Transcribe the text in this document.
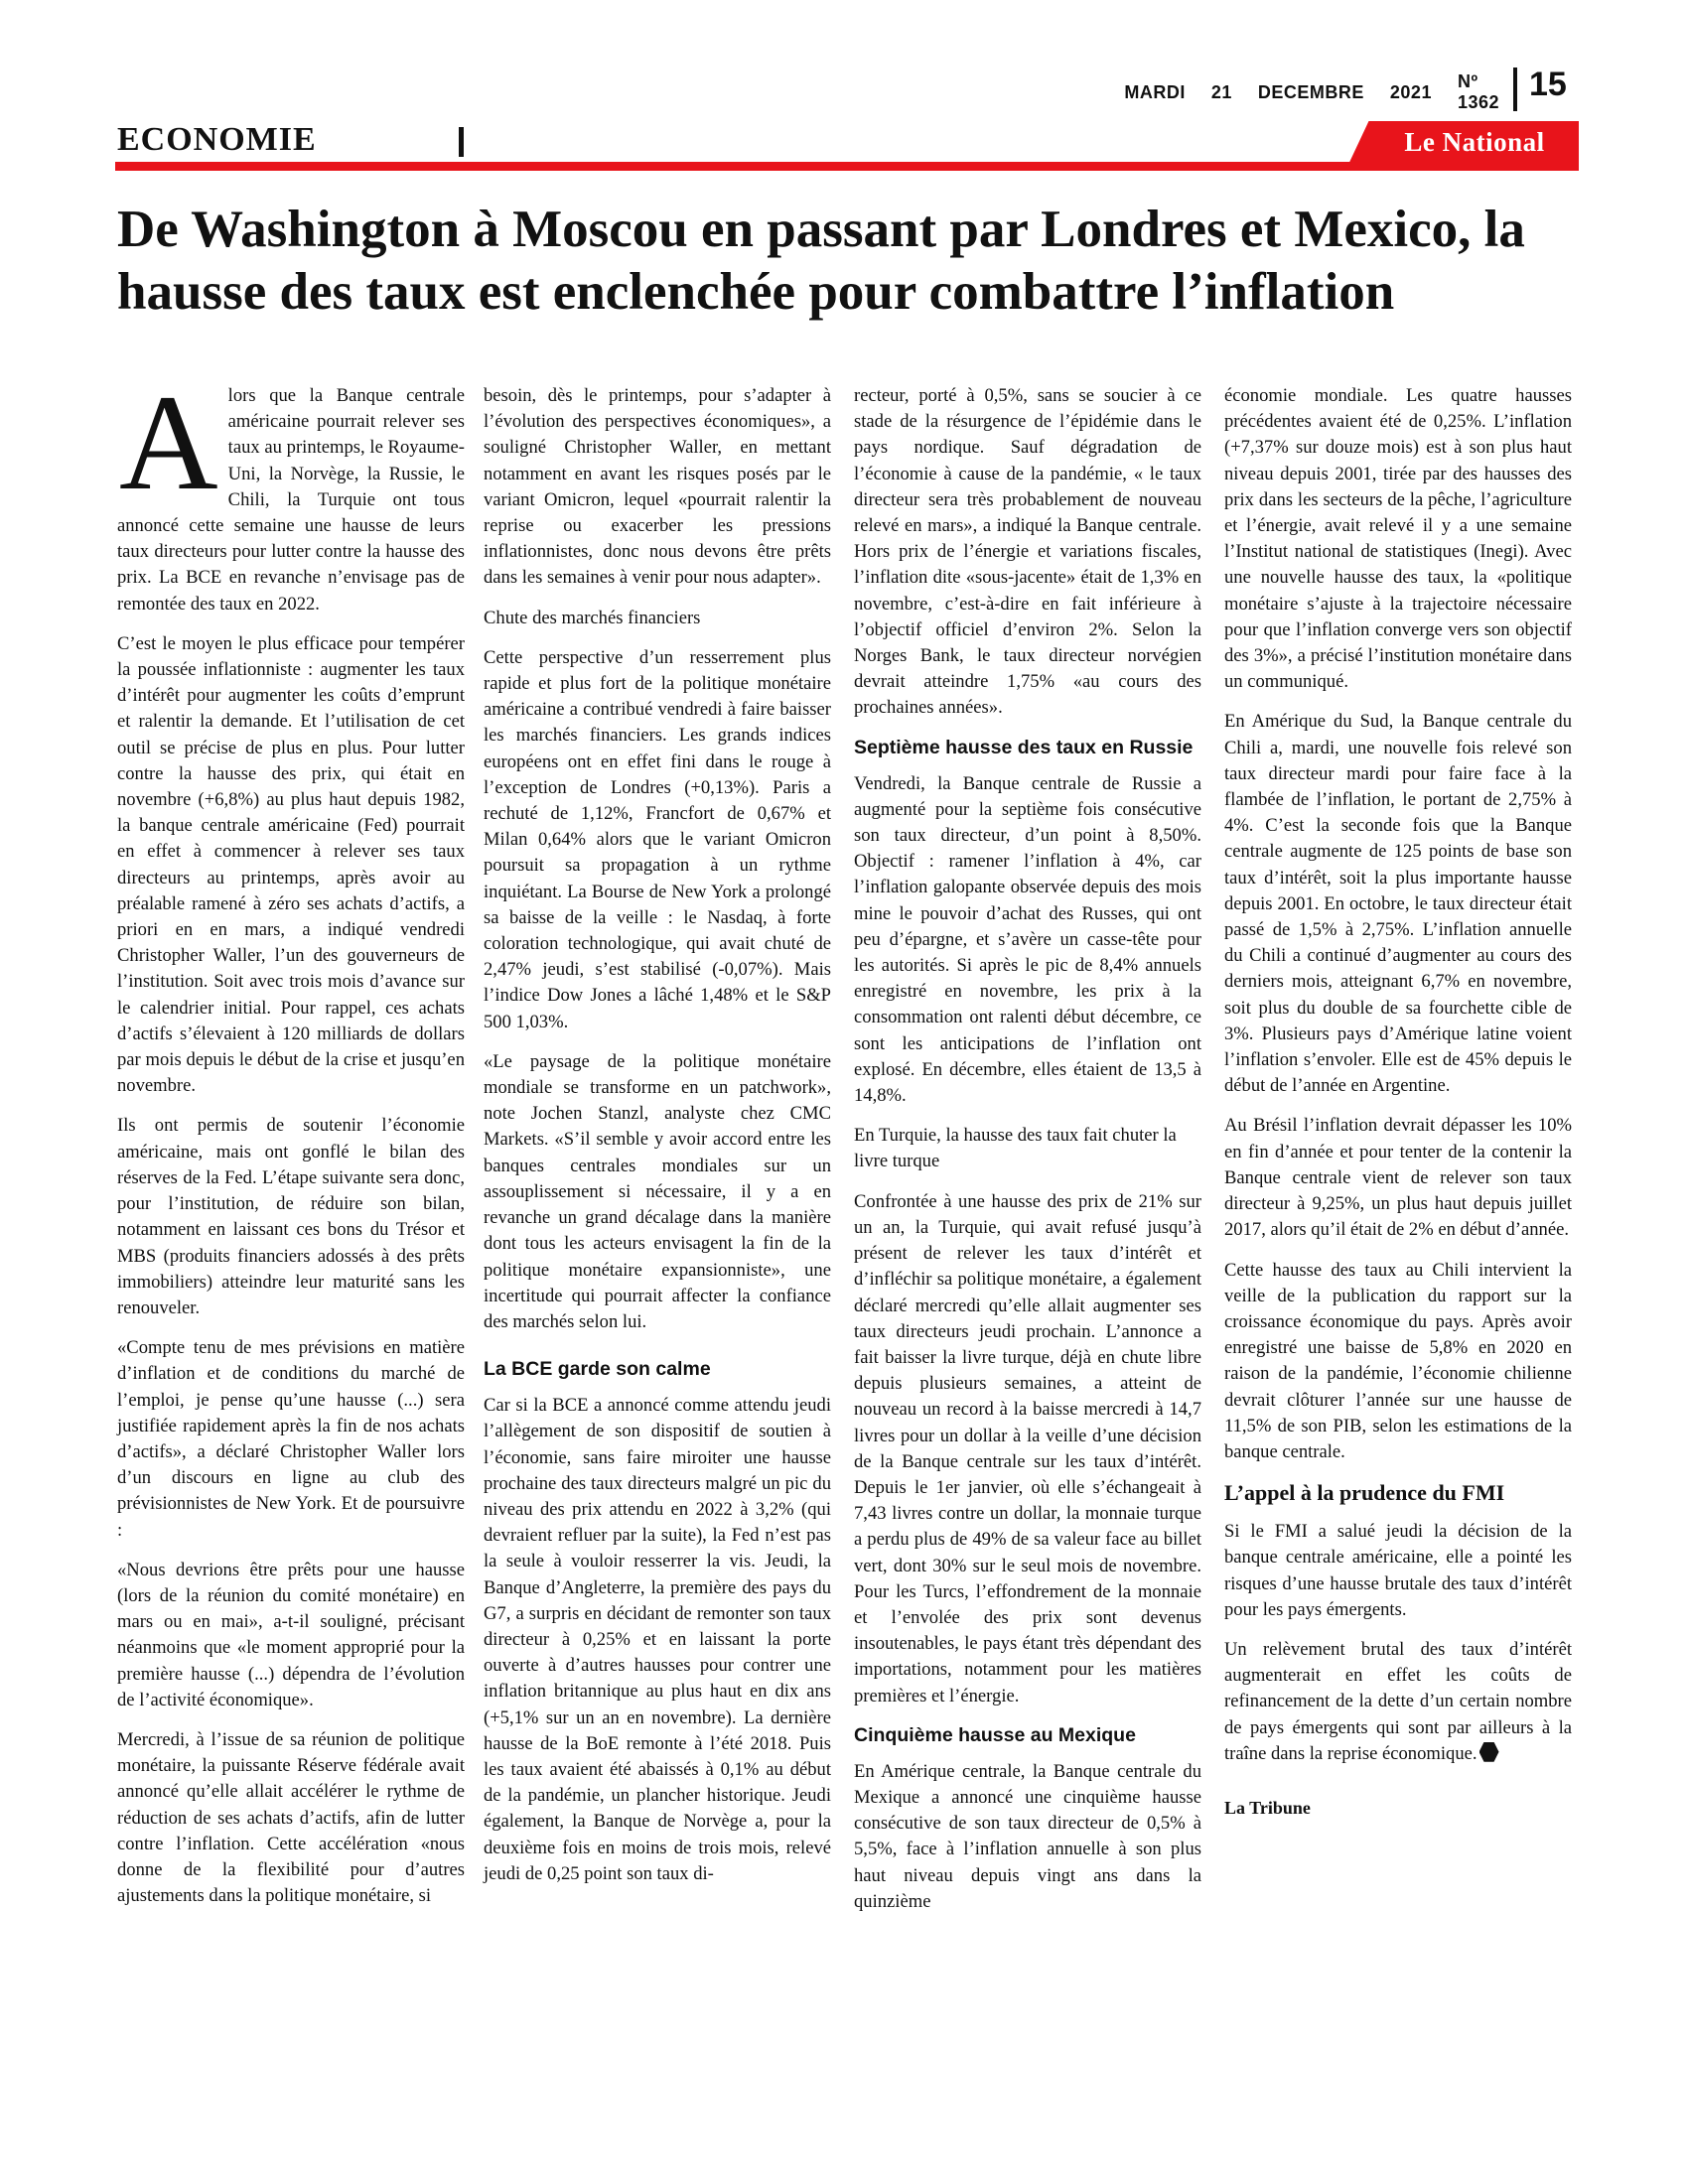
MARDI 21 DECEMBRE 2021
Nº 1362 15
ECONOMIE	Le National
De Washington à Moscou en passant par Londres et Mexico, la hausse des taux est enclenchée pour combattre l’inflation

Alors que la Banque centrale américaine pourrait relever ses taux au printemps, le Royaume-Uni, la Norvège, la Russie, le Chili, la Turquie ont tous annoncé cette semaine une hausse de leurs taux directeurs pour lutter contre la hausse des prix. La BCE en revanche n’envisage pas de remontée des taux en 2022.

C’est le moyen le plus efficace pour tempérer la poussée inflationniste : augmenter les taux d’intérêt pour augmenter les coûts d’emprunt et ralentir la demande. Et l’utilisation de cet outil se précise de plus en plus. Pour lutter contre la hausse des prix, qui était en novembre (+6,8%) au plus haut depuis 1982, la banque centrale américaine (Fed) pourrait en effet à commencer à relever ses taux directeurs au printemps, après avoir au préalable ramené à zéro ses achats d’actifs, a priori en en mars, a indiqué vendredi Christopher Waller, l’un des gouverneurs de l’institution. Soit avec trois mois d’avance sur le calendrier initial. Pour rappel, ces achats d’actifs s’élevaient à 120 milliards de dollars par mois depuis le début de la crise et jusqu’en novembre.

Ils ont permis de soutenir l’économie américaine, mais ont gonflé le bilan des réserves de la Fed. L’étape suivante sera donc, pour l’institution, de réduire son bilan, notamment en laissant ces bons du Trésor et MBS (produits financiers adossés à des prêts immobiliers) atteindre leur maturité sans les renouveler.

«Compte tenu de mes prévisions en matière d’inflation et de conditions du marché de l’emploi, je pense qu’une hausse (...) sera justifiée rapidement après la fin de nos achats d’actifs», a déclaré Christopher Waller lors d’un discours en ligne au club des prévisionnistes de New York. Et de poursuivre :

«Nous devrions être prêts pour une hausse (lors de la réunion du comité monétaire) en mars ou en mai», a-t-il souligné, précisant néanmoins que «le moment approprié pour la première hausse (...) dépendra de l’évolution de l’activité économique».

Mercredi, à l’issue de sa réunion de politique monétaire, la puissante Réserve fédérale avait annoncé qu’elle allait accélérer le rythme de réduction de ses achats d’actifs, afin de lutter contre l’inflation. Cette accélération «nous donne de la flexibilité pour d’autres ajustements dans la politique monétaire, si

besoin, dès le printemps, pour s’adapter à l’évolution des perspectives économiques», a souligné Christopher Waller, en mettant notamment en avant les risques posés par le variant Omicron, lequel «pourrait ralentir la reprise ou exacerber les pressions inflationnistes, donc nous devons être prêts dans les semaines à venir pour nous adapter».

Chute des marchés financiers

Cette perspective d’un resserrement plus rapide et plus fort de la politique monétaire américaine a contribué vendredi à faire baisser les marchés financiers. Les grands indices européens ont en effet fini dans le rouge à l’exception de Londres (+0,13%). Paris a rechuté de 1,12%, Francfort de 0,67% et Milan 0,64% alors que le variant Omicron poursuit sa propagation à un rythme inquiétant. La Bourse de New York a prolongé sa baisse de la veille : le Nasdaq, à forte coloration technologique, qui avait chuté de 2,47% jeudi, s’est stabilisé (-0,07%). Mais l’indice Dow Jones a lâché 1,48% et le S&P 500 1,03%.

«Le paysage de la politique monétaire mondiale se transforme en un patchwork», note Jochen Stanzl, analyste chez CMC Markets. «S’il semble y avoir accord entre les banques centrales mondiales sur un assouplissement si nécessaire, il y a en revanche un grand décalage dans la manière dont tous les acteurs envisagent la fin de la politique monétaire expansionniste», une incertitude qui pourrait affecter la confiance des marchés selon lui.

La BCE garde son calme

Car si la BCE a annoncé comme attendu jeudi l’allègement de son dispositif de soutien à l’économie, sans faire miroiter une hausse prochaine des taux directeurs malgré un pic du niveau des prix attendu en 2022 à 3,2% (qui devraient refluer par la suite), la Fed n’est pas la seule à vouloir resserrer la vis. Jeudi, la Banque d’Angleterre, la première des pays du G7, a surpris en décidant de remonter son taux directeur à 0,25% et en laissant la porte ouverte à d’autres hausses pour contrer une inflation britannique au plus haut en dix ans (+5,1% sur un an en novembre). La dernière hausse de la BoE remonte à l’été 2018. Puis les taux avaient été abaissés à 0,1% au début de la pandémie, un plancher historique. Jeudi également, la Banque de Norvège a, pour la deuxième fois en moins de trois mois, relevé jeudi de 0,25 point son taux di-

recteur, porté à 0,5%, sans se soucier à ce stade de la résurgence de l’épidémie dans le pays nordique. Sauf dégradation de l’économie à cause de la pandémie, « le taux directeur sera très probablement de nouveau relevé en mars», a indiqué la Banque centrale. Hors prix de l’énergie et variations fiscales, l’inflation dite «sous-jacente» était de 1,3% en novembre, c’est-à-dire en fait inférieure à l’objectif officiel d’environ 2%. Selon la Norges Bank, le taux directeur norvégien devrait atteindre 1,75% «au cours des prochaines années».

Septième hausse des taux en Russie

Vendredi, la Banque centrale de Russie a augmenté pour la septième fois consécutive son taux directeur, d’un point à 8,50%. Objectif : ramener l’inflation à 4%, car l’inflation galopante observée depuis des mois mine le pouvoir d’achat des Russes, qui ont peu d’épargne, et s’avère un casse-tête pour les autorités. Si après le pic de 8,4% annuels enregistré en novembre, les prix à la consommation ont ralenti début décembre, ce sont les anticipations de l’inflation ont explosé. En décembre, elles étaient de 13,5 à 14,8%.

En Turquie, la hausse des taux fait chuter la livre turque

Confrontée à une hausse des prix de 21% sur un an, la Turquie, qui avait refusé jusqu’à présent de relever les taux d’intérêt et d’infléchir sa politique monétaire, a également déclaré mercredi qu’elle allait augmenter ses taux directeurs jeudi prochain. L’annonce a fait baisser la livre turque, déjà en chute libre depuis plusieurs semaines, a atteint de nouveau un record à la baisse mercredi à 14,7 livres pour un dollar à la veille d’une décision de la Banque centrale sur les taux d’intérêt. Depuis le 1er janvier, où elle s’échangeait à 7,43 livres contre un dollar, la monnaie turque a perdu plus de 49% de sa valeur face au billet vert, dont 30% sur le seul mois de novembre. Pour les Turcs, l’effondrement de la monnaie et l’envolée des prix sont devenus insoutenables, le pays étant très dépendant des importations, notamment pour les matières premières et l’énergie.

Cinquième hausse au Mexique

En Amérique centrale, la Banque centrale du Mexique a annoncé une cinquième hausse consécutive de son taux directeur de 0,5% à 5,5%, face à l’inflation annuelle à son plus haut niveau depuis vingt ans dans la quinzième

économie mondiale. Les quatre hausses précédentes avaient été de 0,25%. L’inflation (+7,37% sur douze mois) est à son plus haut niveau depuis 2001, tirée par des hausses des prix dans les secteurs de la pêche, l’agriculture et l’énergie, avait relevé il y a une semaine l’Institut national de statistiques (Inegi). Avec une nouvelle hausse des taux, la «politique monétaire s’ajuste à la trajectoire nécessaire pour que l’inflation converge vers son objectif des 3%», a précisé l’institution monétaire dans un communiqué.

En Amérique du Sud, la Banque centrale du Chili a, mardi, une nouvelle fois relevé son taux directeur mardi pour faire face à la flambée de l’inflation, le portant de 2,75% à 4%. C’est la seconde fois que la Banque centrale augmente de 125 points de base son taux d’intérêt, soit la plus importante hausse depuis 2001. En octobre, le taux directeur était passé de 1,5% à 2,75%. L’inflation annuelle du Chili a continué d’augmenter au cours des derniers mois, atteignant 6,7% en novembre, soit plus du double de sa fourchette cible de 3%. Plusieurs pays d’Amérique latine voient l’inflation s’envoler. Elle est de 45% depuis le début de l’année en Argentine.

Au Brésil l’inflation devrait dépasser les 10% en fin d’année et pour tenter de la contenir la Banque centrale vient de relever son taux directeur à 9,25%, un plus haut depuis juillet 2017, alors qu’il était de 2% en début d’année.

Cette hausse des taux au Chili intervient la veille de la publication du rapport sur la croissance économique du pays. Après avoir enregistré une baisse de 5,8% en 2020 en raison de la pandémie, l’économie chilienne devrait clôturer l’année sur une hausse de 11,5% de son PIB, selon les estimations de la banque centrale.

L’appel à la prudence du FMI

Si le FMI a salué jeudi la décision de la banque centrale américaine, elle a pointé les risques d’une hausse brutale des taux d’intérêt pour les pays émergents.

Un relèvement brutal des taux d’intérêt augmenterait en effet les coûts de refinancement de la dette d’un certain nombre de pays émergents qui sont par ailleurs à la traîne dans la reprise économique.

La Tribune
